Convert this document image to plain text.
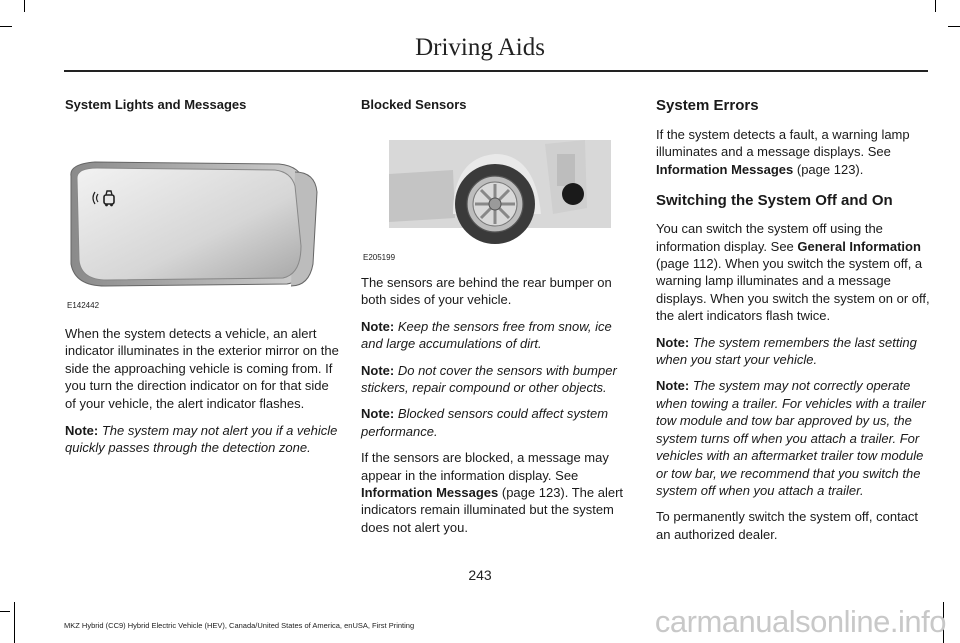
Driving Aids
System Lights and Messages
E142442

When the system detects a vehicle, an alert indicator illuminates in the exterior mirror on the side the approaching vehicle is coming from. If you turn the direction indicator on for that side of your vehicle, the alert indicator flashes.

Note: The system may not alert you if a vehicle quickly passes through the detection zone.

Blocked Sensors
E205199

The sensors are behind the rear bumper on both sides of your vehicle.

Note: Keep the sensors free from snow, ice and large accumulations of dirt.

Note: Do not cover the sensors with bumper stickers, repair compound or other objects.

Note: Blocked sensors could affect system performance.

If the sensors are blocked, a message may appear in the information display. See Information Messages (page 123). The alert indicators remain illuminated but the system does not alert you.

System Errors

If the system detects a fault, a warning lamp illuminates and a message displays. See Information Messages (page 123).

Switching the System Off and On

You can switch the system off using the information display. See General Information (page 112). When you switch the system off, a warning lamp illuminates and a message displays. When you switch the system on or off, the alert indicators flash twice.

Note: The system remembers the last setting when you start your vehicle.

Note: The system may not correctly operate when towing a trailer. For vehicles with a trailer tow module and tow bar approved by us, the system turns off when you attach a trailer. For vehicles with an aftermarket trailer tow module or tow bar, we recommend that you switch the system off when you attach a trailer.

To permanently switch the system off, contact an authorized dealer.

243
MKZ Hybrid (CC9) Hybrid Electric Vehicle (HEV), Canada/United States of America, enUSA, First Printing	carmanualsonline.info
